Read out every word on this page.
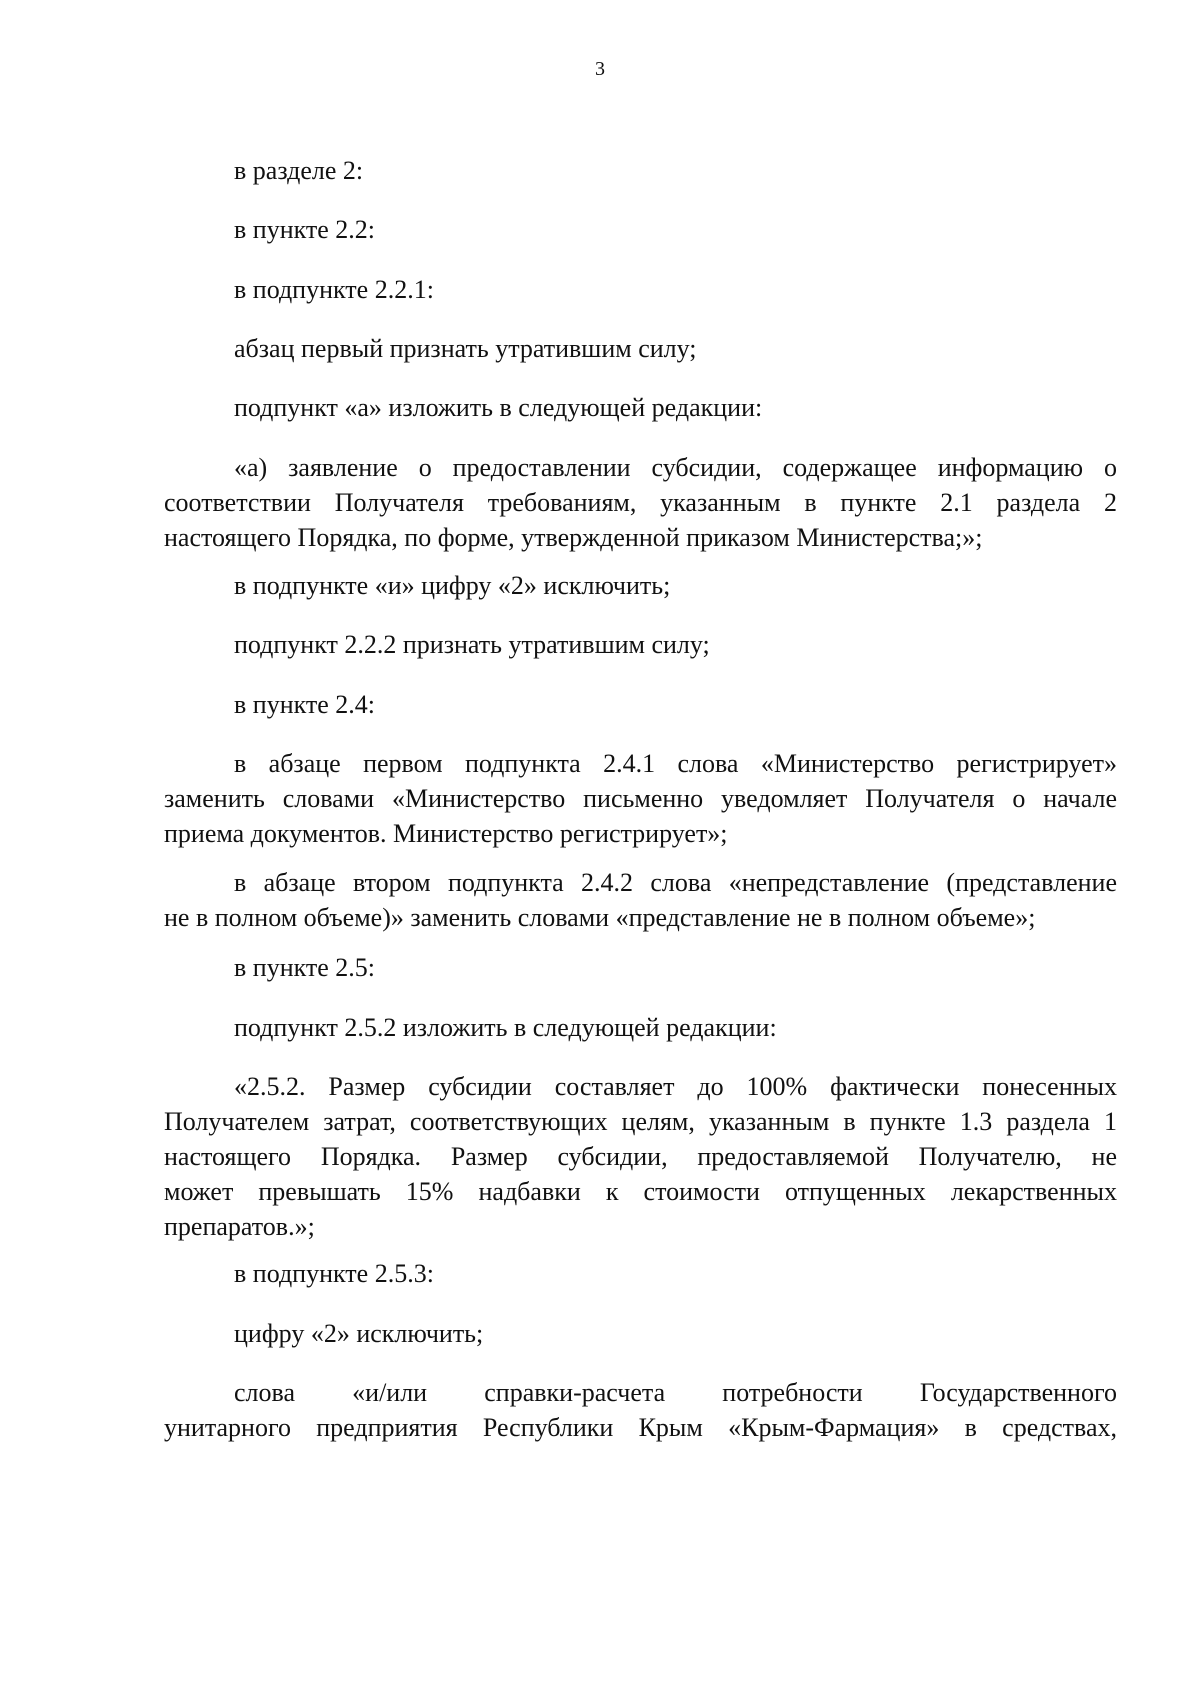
3
в разделе 2:
в пункте 2.2:
в подпункте 2.2.1:
абзац первый признать утратившим силу;
подпункт «а» изложить в следующей редакции:
«а) заявление о предоставлении субсидии, содержащее информацию о
соответствии Получателя требованиям, указанным в пункте 2.1 раздела 2
настоящего Порядка, по форме, утвержденной приказом Министерства;»;
в подпункте «и» цифру «2» исключить;
подпункт 2.2.2 признать утратившим силу;
в пункте 2.4:
в абзаце первом подпункта 2.4.1 слова «Министерство регистрирует»
заменить словами «Министерство письменно уведомляет Получателя о начале
приема документов. Министерство регистрирует»;
в абзаце втором подпункта 2.4.2 слова «непредставление (представление
не в полном объеме)» заменить словами «представление не в полном объеме»;
в пункте 2.5:
подпункт 2.5.2 изложить в следующей редакции:
«2.5.2. Размер субсидии составляет до 100% фактически понесенных
Получателем затрат, соответствующих целям, указанным в пункте 1.3 раздела 1
настоящего Порядка. Размер субсидии, предоставляемой Получателю, не
может превышать 15% надбавки к стоимости отпущенных лекарственных
препаратов.»;
в подпункте 2.5.3:
цифру «2» исключить;
слова «и/или справки-расчета потребности Государственного
унитарного предприятия Республики Крым «Крым-Фармация» в средствах,
